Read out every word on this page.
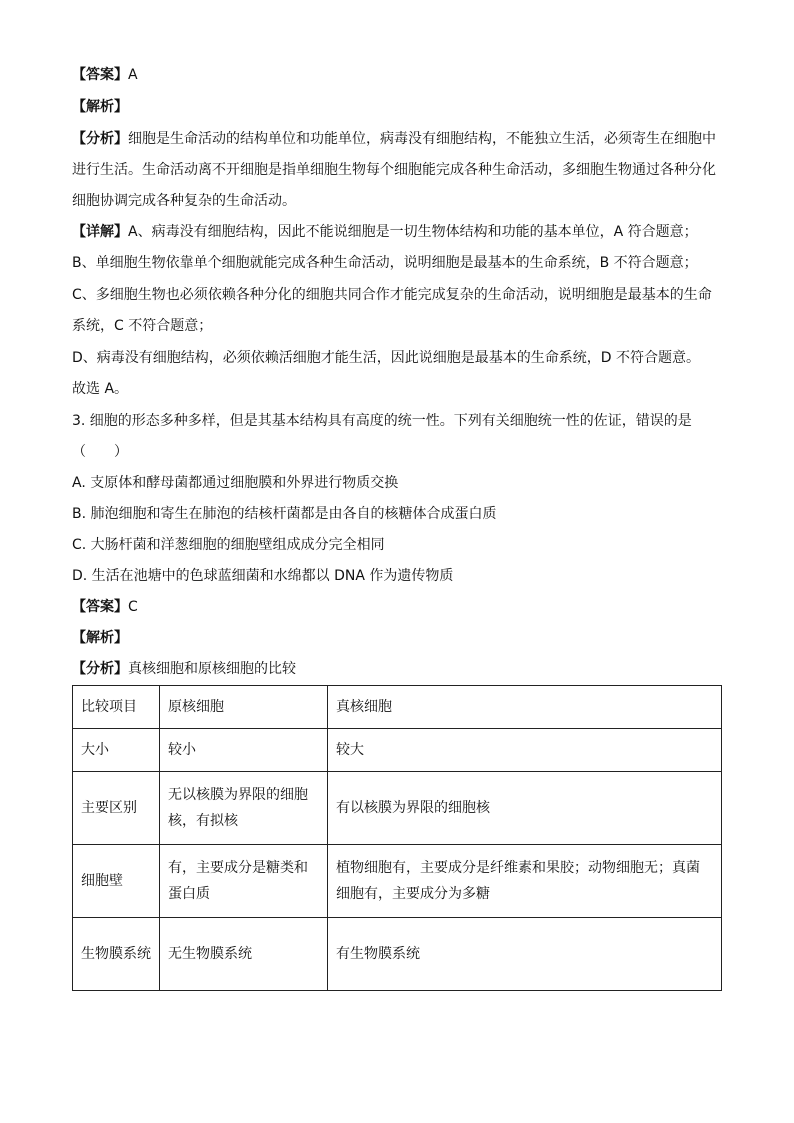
【答案】A
【解析】
【分析】细胞是生命活动的结构单位和功能单位，病毒没有细胞结构，不能独立生活，必须寄生在细胞中
进行生活。生命活动离不开细胞是指单细胞生物每个细胞能完成各种生命活动，多细胞生物通过各种分化
细胞协调完成各种复杂的生命活动。
【详解】A、病毒没有细胞结构，因此不能说细胞是一切生物体结构和功能的基本单位，A 符合题意；
B、单细胞生物依靠单个细胞就能完成各种生命活动，说明细胞是最基本的生命系统，B 不符合题意；
C、多细胞生物也必须依赖各种分化的细胞共同合作才能完成复杂的生命活动，说明细胞是最基本的生命
系统，C 不符合题意；
D、病毒没有细胞结构，必须依赖活细胞才能生活，因此说细胞是最基本的生命系统，D 不符合题意。
故选 A。
3. 细胞的形态多种多样，但是其基本结构具有高度的统一性。下列有关细胞统一性的佐证，错误的是
（　　）
A. 支原体和酵母菌都通过细胞膜和外界进行物质交换
B. 肺泡细胞和寄生在肺泡的结核杆菌都是由各自的核糖体合成蛋白质
C. 大肠杆菌和洋葱细胞的细胞壁组成成分完全相同
D. 生活在池塘中的色球蓝细菌和水绵都以 DNA 作为遗传物质
【答案】C
【解析】
【分析】真核细胞和原核细胞的比较
比较项目	原核细胞	真核细胞
大小	较小	较大
主要区别	无以核膜为界限的细胞核，有拟核	有以核膜为界限的细胞核
细胞壁	有，主要成分是糖类和蛋白质	植物细胞有，主要成分是纤维素和果胶；动物细胞无；真菌细胞有，主要成分为多糖
生物膜系统	无生物膜系统	有生物膜系统
